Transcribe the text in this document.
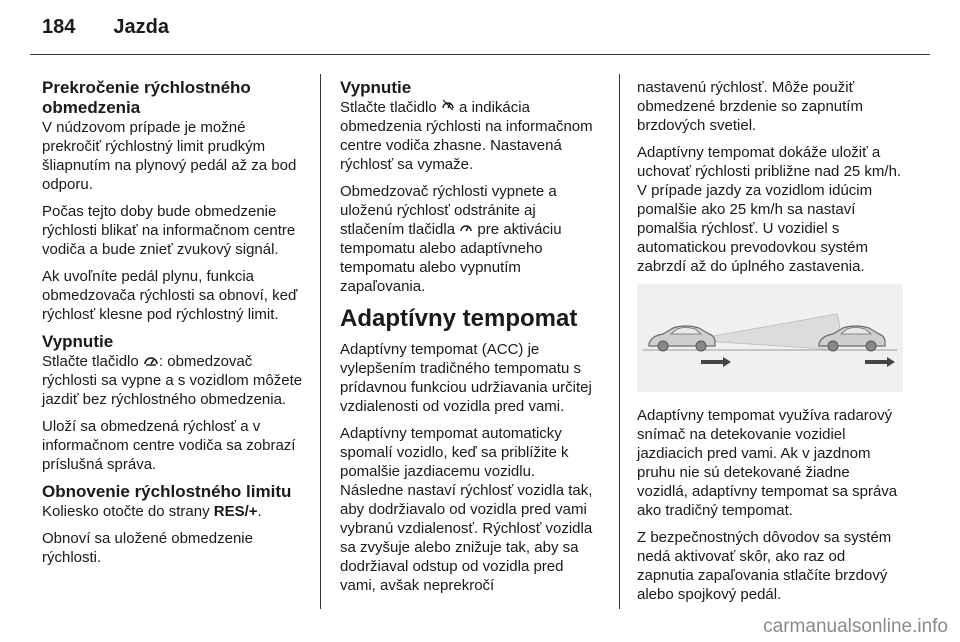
184 Jazda
Prekročenie rýchlostného obmedzenia

V núdzovom prípade je možné prekročiť rýchlostný limit prudkým šliapnutím na plynový pedál až za bod odporu.

Počas tejto doby bude obmedzenie rýchlosti blikať na informačnom centre vodiča a bude znieť zvukový signál.

Ak uvoľníte pedál plynu, funkcia obmedzovača rýchlosti sa obnoví, keď rýchlosť klesne pod rýchlostný limit.

Vypnutie

Stlačte tlačidlo : obmedzovač rýchlosti sa vypne a s vozidlom môžete jazdiť bez rýchlostného obmedzenia.

Uloží sa obmedzená rýchlosť a v informačnom centre vodiča sa zobrazí príslušná správa.

Obnovenie rýchlostného limitu

Koliesko otočte do strany RES/+.

Obnoví sa uložené obmedzenie rýchlosti.

Vypnutie

Stlačte tlačidlo  a indikácia obmedzenia rýchlosti na informačnom centre vodiča zhasne. Nastavená rýchlosť sa vymaže.

Obmedzovač rýchlosti vypnete a uloženú rýchlosť odstránite aj stlačením tlačidla  pre aktiváciu tempomatu alebo adaptívneho tempomatu alebo vypnutím zapaľovania.

Adaptívny tempomat

Adaptívny tempomat (ACC) je vylepšením tradičného tempomatu s prídavnou funkciou udržiavania určitej vzdialenosti od vozidla pred vami.

Adaptívny tempomat automaticky spomalí vozidlo, keď sa priblížite k pomalšie jazdiacemu vozidlu. Následne nastaví rýchlosť vozidla tak, aby dodržiavalo od vozidla pred vami vybranú vzdialenosť. Rýchlosť vozidla sa zvyšuje alebo znižuje tak, aby sa dodržiaval odstup od vozidla pred vami, avšak neprekročí

nastavenú rýchlosť. Môže použiť obmedzené brzdenie so zapnutím brzdových svetiel.

Adaptívny tempomat dokáže uložiť a uchovať rýchlosti približne nad 25 km/h. V prípade jazdy za vozidlom idúcim pomalšie ako 25 km/h sa nastaví pomalšia rýchlosť. U vozidiel s automatickou prevodovkou systém zabrzdí až do úplného zastavenia.

Adaptívny tempomat využíva radarový snímač na detekovanie vozidiel jazdiacich pred vami. Ak v jazdnom pruhu nie sú detekované žiadne vozidlá, adaptívny tempomat sa správa ako tradičný tempomat.

Z bezpečnostných dôvodov sa systém nedá aktivovať skôr, ako raz od zapnutia zapaľovania stlačíte brzdový alebo spojkový pedál.

carmanualsonline.info
